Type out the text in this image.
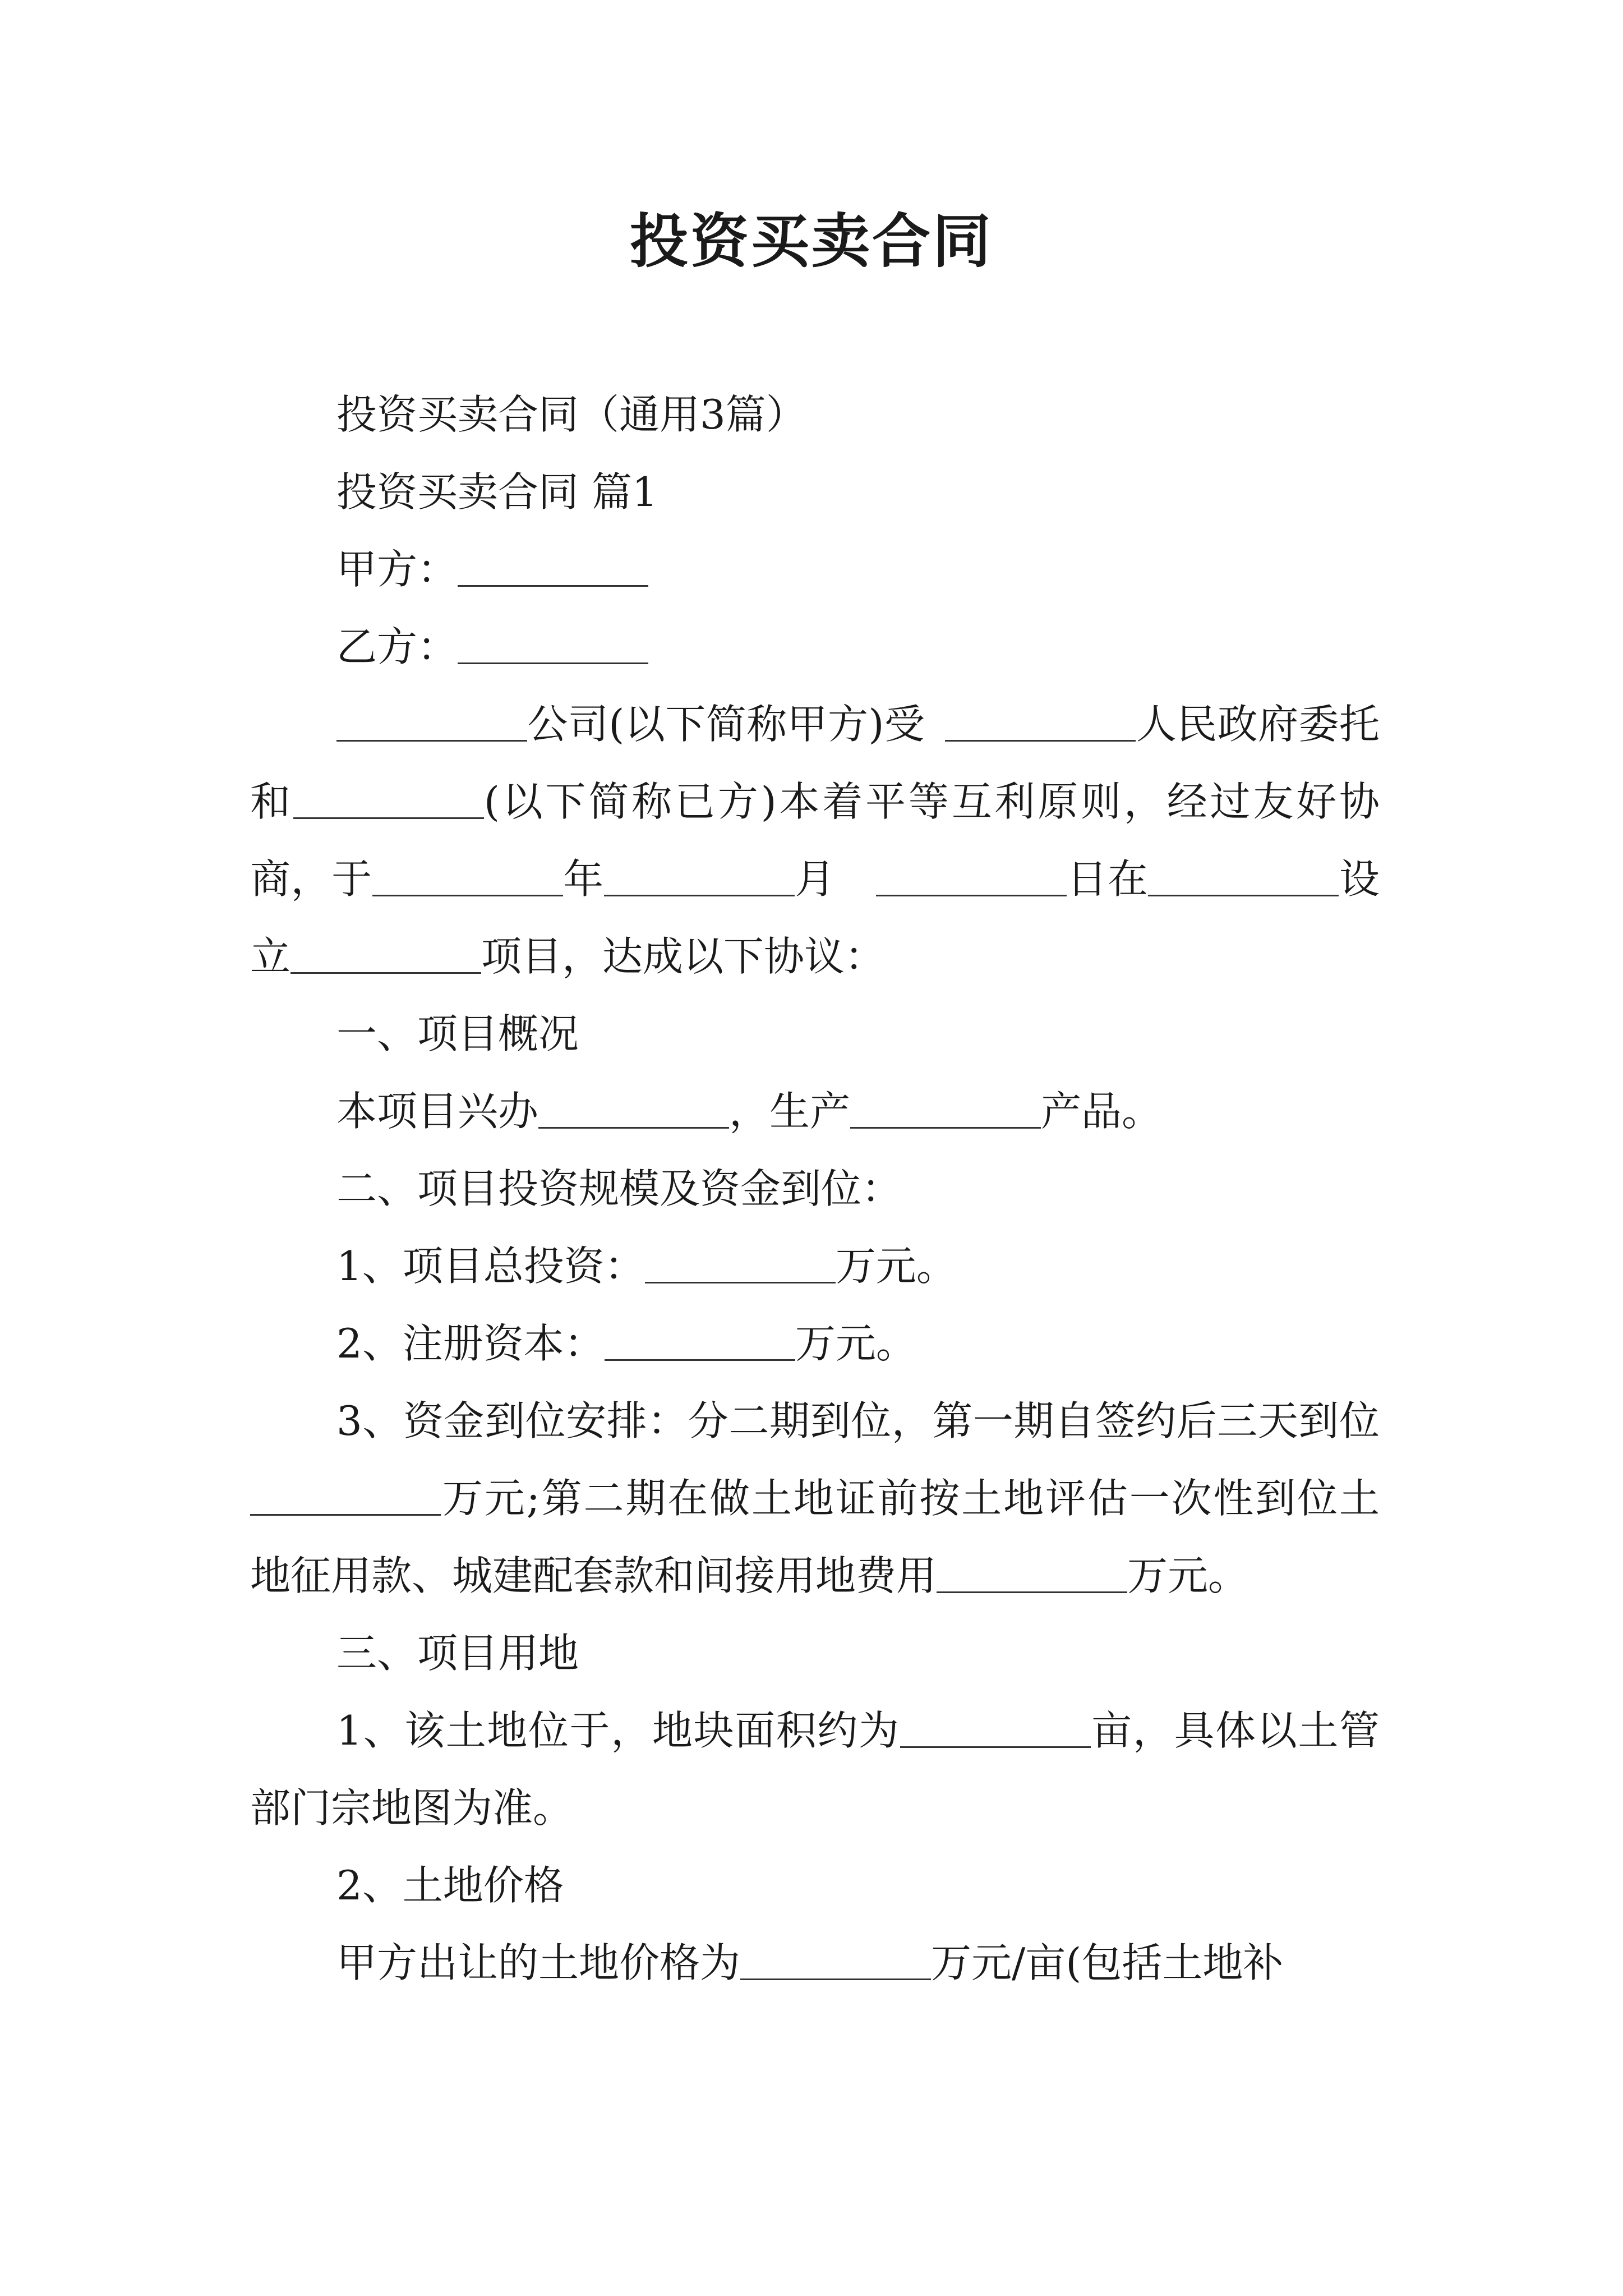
投资买卖合同

投资买卖合同（通用3篇）

投资买卖合同 篇1

甲方：

乙方：

公司(以下简称甲方)受	人民政府委托和	(以下简称已方)本着平等互利原则，经过友好协商，于	年	月	日在	设立	项目，达成以下协议：

一、项目概况

本项目兴办	，生产	产品。

二、项目投资规模及资金到位：

1、项目总投资：	万元。

2、注册资本：	万元。

3、资金到位安排：分二期到位，第一期自签约后三天到位万元;第二期在做土地证前按土地评估一次性到位土地征用款、城建配套款和间接用地费用	万元。

三、项目用地

1、该土地位于，地块面积约为	亩，具体以土管部门宗地图为准。

2、土地价格

甲方出让的土地价格为	万元/亩(包括土地补
